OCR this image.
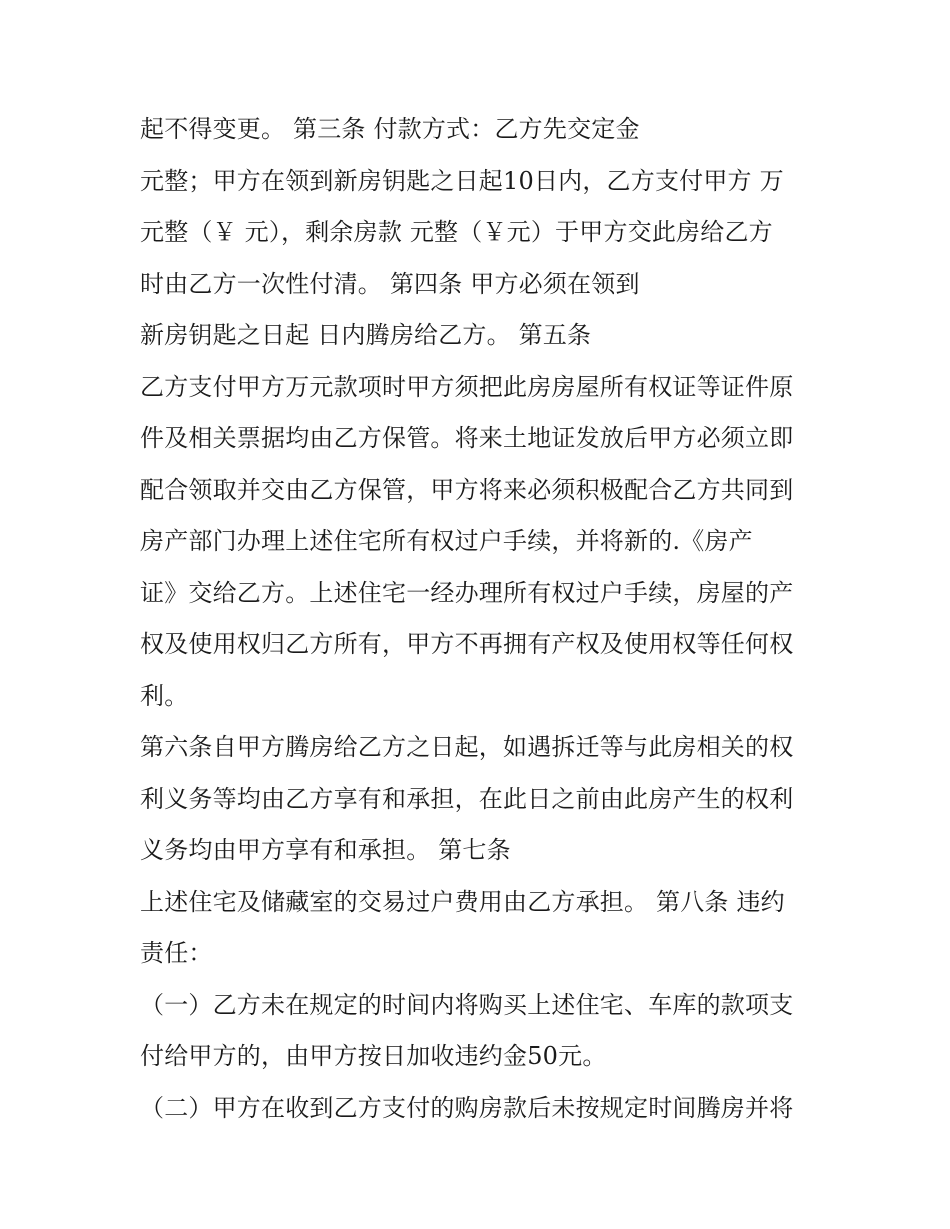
起不得变更。 第三条 付款方式：乙方先交定金
元整；甲方在领到新房钥匙之日起10日内，乙方支付甲方 万
元整（￥ 元），剩余房款 元整（￥元）于甲方交此房给乙方
时由乙方一次性付清。 第四条 甲方必须在领到
新房钥匙之日起 日内腾房给乙方。 第五条
乙方支付甲方万元款项时甲方须把此房房屋所有权证等证件原
件及相关票据均由乙方保管。将来土地证发放后甲方必须立即
配合领取并交由乙方保管，甲方将来必须积极配合乙方共同到
房产部门办理上述住宅所有权过户手续，并将新的.《房产
证》交给乙方。上述住宅一经办理所有权过户手续，房屋的产
权及使用权归乙方所有，甲方不再拥有产权及使用权等任何权
利。
第六条自甲方腾房给乙方之日起，如遇拆迁等与此房相关的权
利义务等均由乙方享有和承担，在此日之前由此房产生的权利
义务均由甲方享有和承担。 第七条
上述住宅及储藏室的交易过户费用由乙方承担。 第八条 违约
责任：
（一）乙方未在规定的时间内将购买上述住宅、车库的款项支
付给甲方的，由甲方按日加收违约金50元。
（二）甲方在收到乙方支付的购房款后未按规定时间腾房并将
